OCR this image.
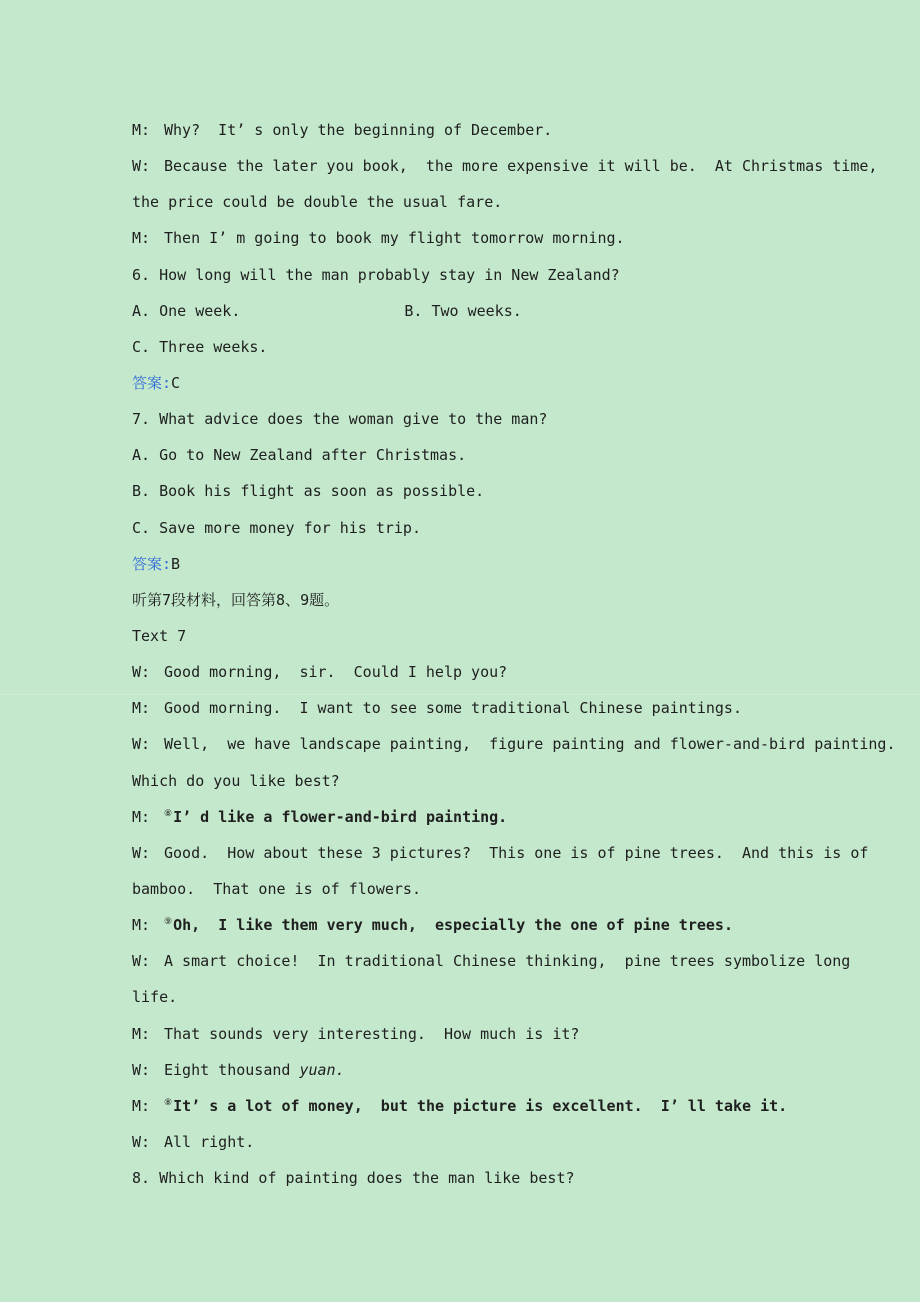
M: Why?  It’ s only the beginning of December.
W: Because the later you book,  the more expensive it will be.  At Christmas time,
the price could be double the usual fare.
M: Then I’ m going to book my flight tomorrow morning.
6. How long will the man probably stay in New Zealand?
A. One week.	B. Two weeks.
C. Three weeks.
答案:C
7. What advice does the woman give to the man?
A. Go to New Zealand after Christmas.
B. Book his flight as soon as possible.
C. Save more money for his trip.
答案:B
听第7段材料，回答第8、9题。
Text 7
W: Good morning,  sir.  Could I help you?
M: Good morning.  I want to see some traditional Chinese paintings.
W: Well,  we have landscape painting,  figure painting and flower-and-bird painting.
Which do you like best?
M: ⑧I’ d like a flower-and-bird painting.
W: Good.  How about these 3 pictures?  This one is of pine trees.  And this is of
bamboo.  That one is of flowers.
M: ⑨Oh,  I like them very much,  especially the one of pine trees.
W: A smart choice!  In traditional Chinese thinking,  pine trees symbolize long
life.
M: That sounds very interesting.  How much is it?
W: Eight thousand yuan.
M: ⑧It’ s a lot of money,  but the picture is excellent.  I’ ll take it.
W: All right.
8. Which kind of painting does the man like best?
